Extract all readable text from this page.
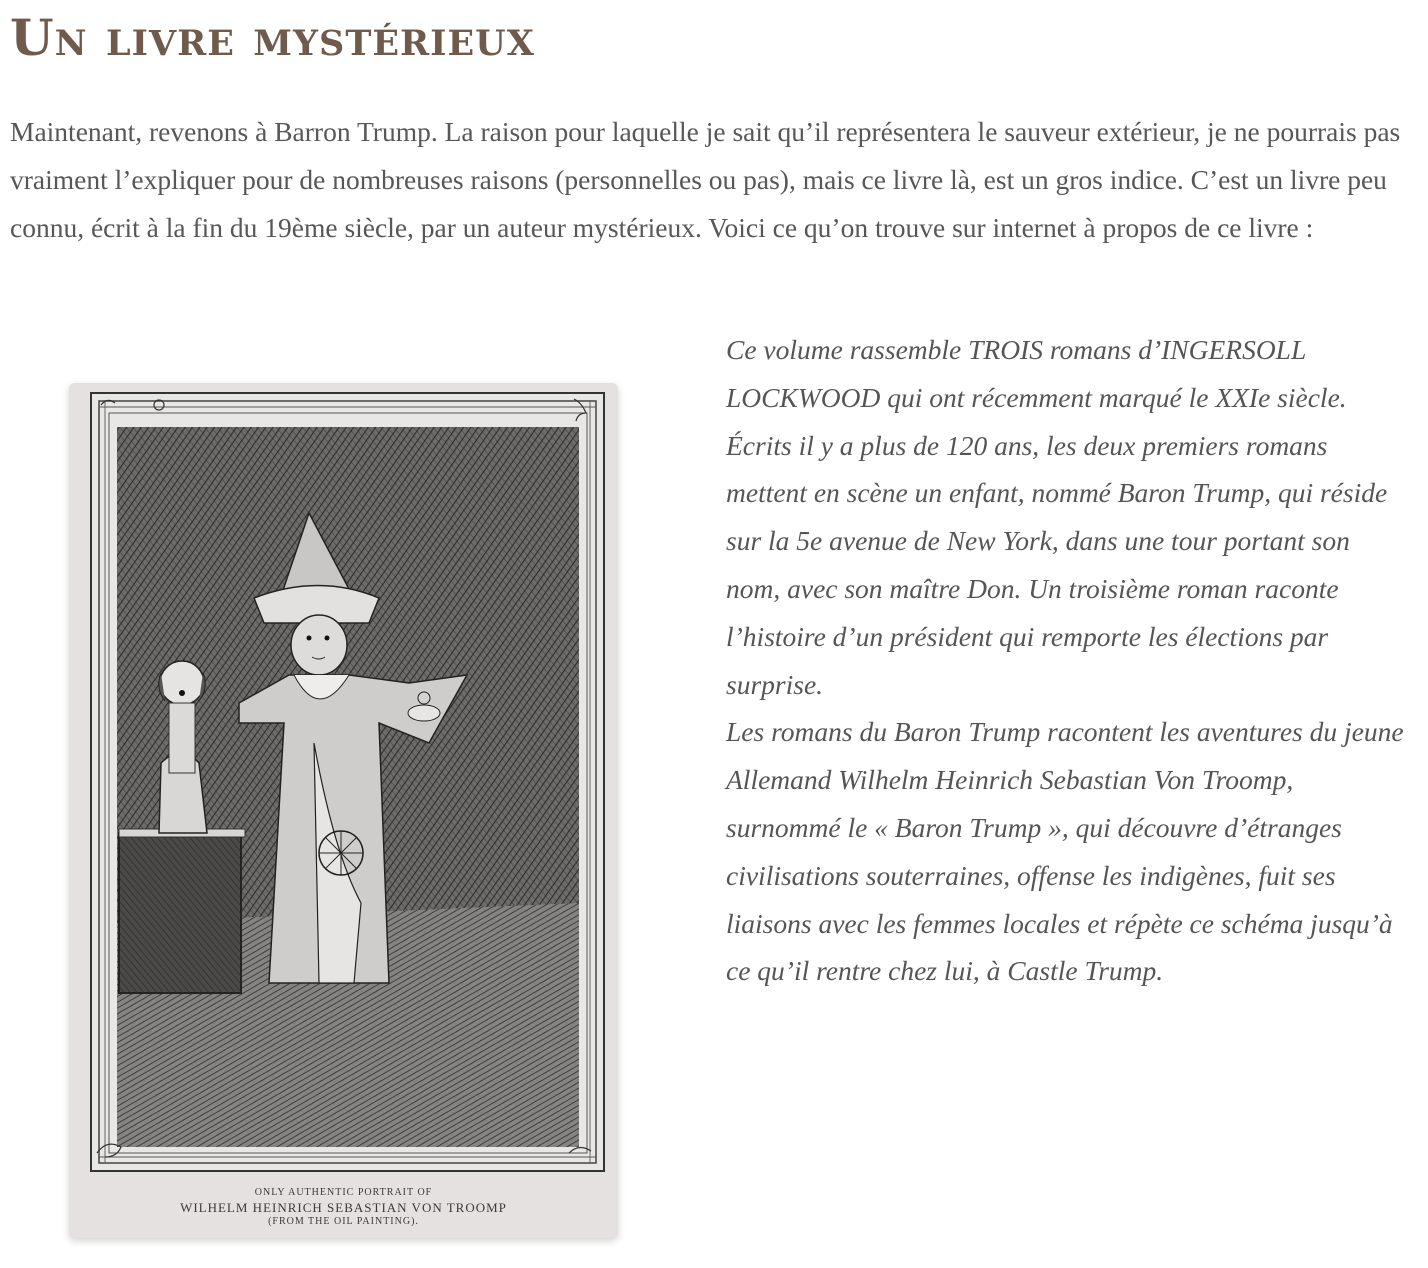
Un livre mystérieux

Maintenant, revenons à Barron Trump. La raison pour laquelle je sait qu’il représentera le sauveur extérieur, je ne pourrais pas vraiment l’expliquer pour de nombreuses raisons (personnelles ou pas), mais ce livre là, est un gros indice. C’est un livre peu connu, écrit à la fin du 19ème siècle, par un auteur mystérieux. Voici ce qu’on trouve sur internet à propos de ce livre :

ONLY AUTHENTIC PORTRAIT OF
WILHELM HEINRICH SEBASTIAN VON TROOMP
(FROM THE OIL PAINTING).

Ce volume rassemble TROIS romans d’INGERSOLL LOCKWOOD qui ont récemment marqué le XXIe siècle. Écrits il y a plus de 120 ans, les deux premiers romans mettent en scène un enfant, nommé Baron Trump, qui réside sur la 5e avenue de New York, dans une tour portant son nom, avec son maître Don. Un troisième roman raconte l’histoire d’un président qui remporte les élections par surprise.

Les romans du Baron Trump racontent les aventures du jeune Allemand Wilhelm Heinrich Sebastian Von Troomp, surnommé le « Baron Trump », qui découvre d’étranges civilisations souterraines, offense les indigènes, fuit ses liaisons avec les femmes locales et répète ce schéma jusqu’à ce qu’il rentre chez lui, à Castle Trump.
